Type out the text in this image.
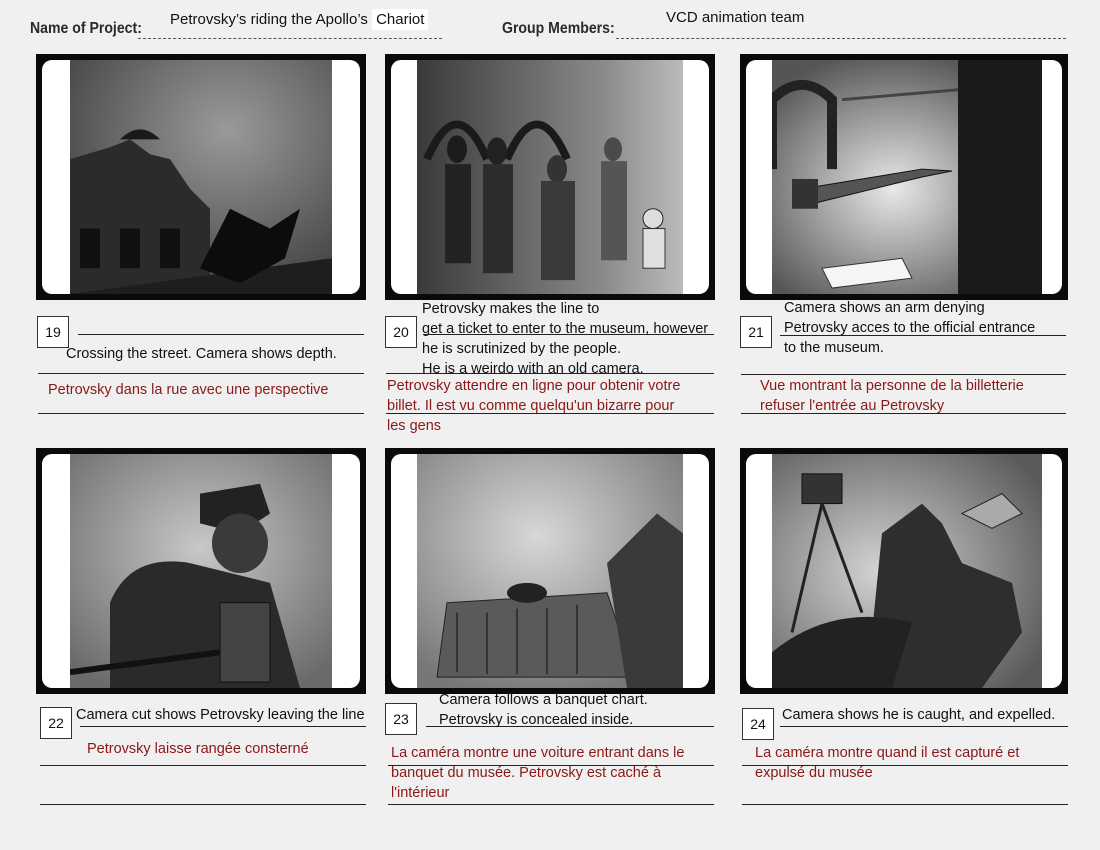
Name of Project:
Petrovsky’s riding the Apollo’s Chariot
Group Members:
VCD animation team
19
Crossing the street. Camera shows depth.
Petrovsky dans la rue avec une perspective
20
Petrovsky makes the line to
get a ticket to enter to the museum, however
he is scrutinized by the people.
He is a weirdo with an old camera.
Petrovsky attendre en ligne pour obtenir votre
billet. Il est vu comme quelqu'un bizarre pour
les gens
21
Camera shows an arm denying
Petrovsky acces to the official entrance
to the museum.
Vue montrant la personne de la billetterie
refuser l'entrée au Petrovsky
22 Camera cut shows Petrovsky leaving the line
Petrovsky laisse rangée consterné
23
Camera follows a banquet chart.
Petrovsky is concealed inside.
La caméra montre une voiture entrant dans le
banquet du musée. Petrovsky est caché à
l'intérieur
24
Camera shows he is caught, and expelled.
La caméra montre quand il est capturé et
expulsé du musée
